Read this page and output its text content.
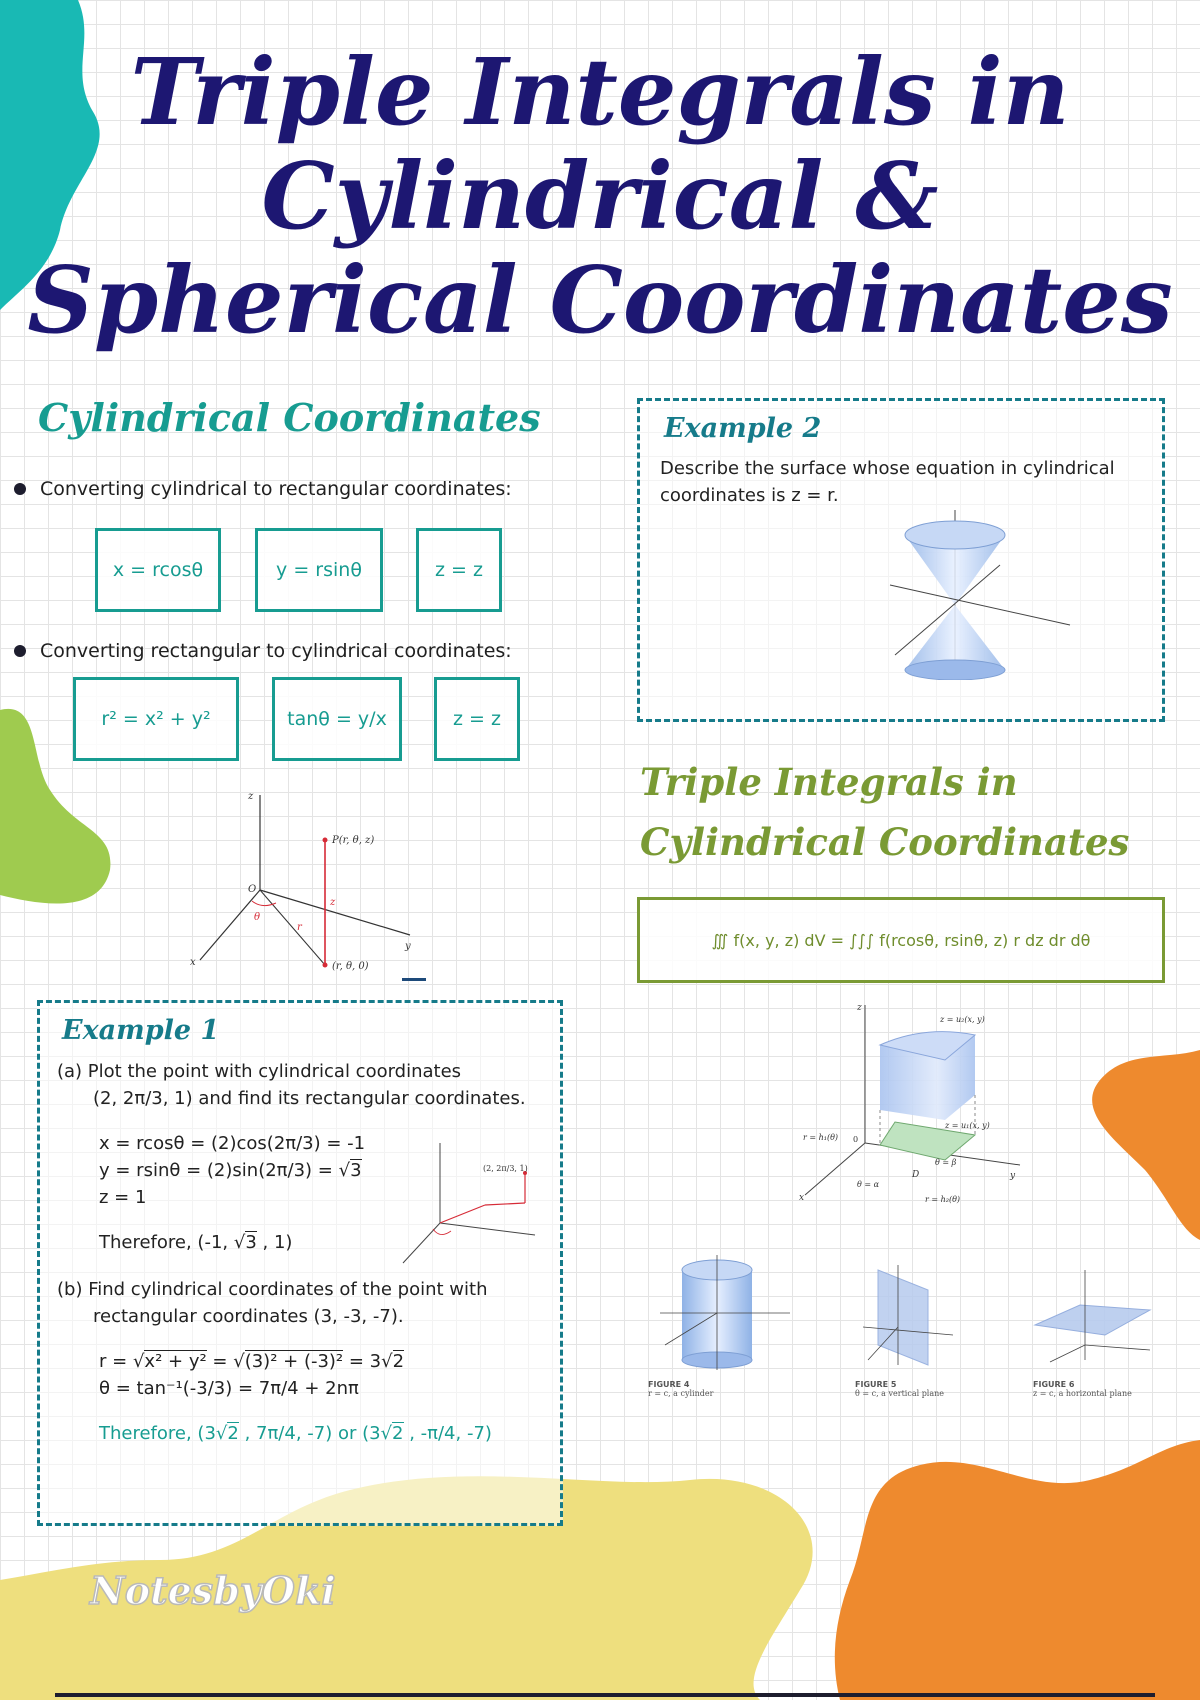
Triple Integrals in
Cylindrical &
Spherical Coordinates
Cylindrical Coordinates
Converting cylindrical to rectangular coordinates:
x = rcosθ	y = rsinθ	z = z
Converting rectangular to cylindrical coordinates:
r² = x² + y²	tanθ = y/x	z = z
z
O
x
y
P(r, θ, z)
(r, θ, 0)
r
θ
z
Example 1

(a) Plot the point with cylindrical coordinates

(2, 2π/3, 1) and find its rectangular coordinates.

x = rcosθ = (2)cos(2π/3) = -1

y = rsinθ = (2)sin(2π/3) = √3

z = 1

Therefore, (-1, √3 , 1)

(b) Find cylindrical coordinates of the point with

rectangular coordinates (3, -3, -7).

r = √x² + y² = √(3)² + (-3)² = 3√2

θ = tan⁻¹(-3/3) = 7π/4 + 2nπ

Therefore, (3√2 , 7π/4, -7) or (3√2 , -π/4, -7)

(2, 2π/3, 1)
Example 2

Describe the surface whose equation in cylindrical

coordinates is z = r.

Triple Integrals in
Cylindrical Coordinates
∭ f(x, y, z) dV = ∫∫∫ f(rcosθ, rsinθ, z) r dz dr dθ
z = u₂(x, y)
z = u₁(x, y)
r = h₁(θ)
r = h₂(θ)
θ = α
θ = β
D
z
x
y
0
FIGURE 4
r = c, a cylinder
FIGURE 5
θ = c, a vertical plane
FIGURE 6
z = c, a horizontal plane
NotesbyOki
